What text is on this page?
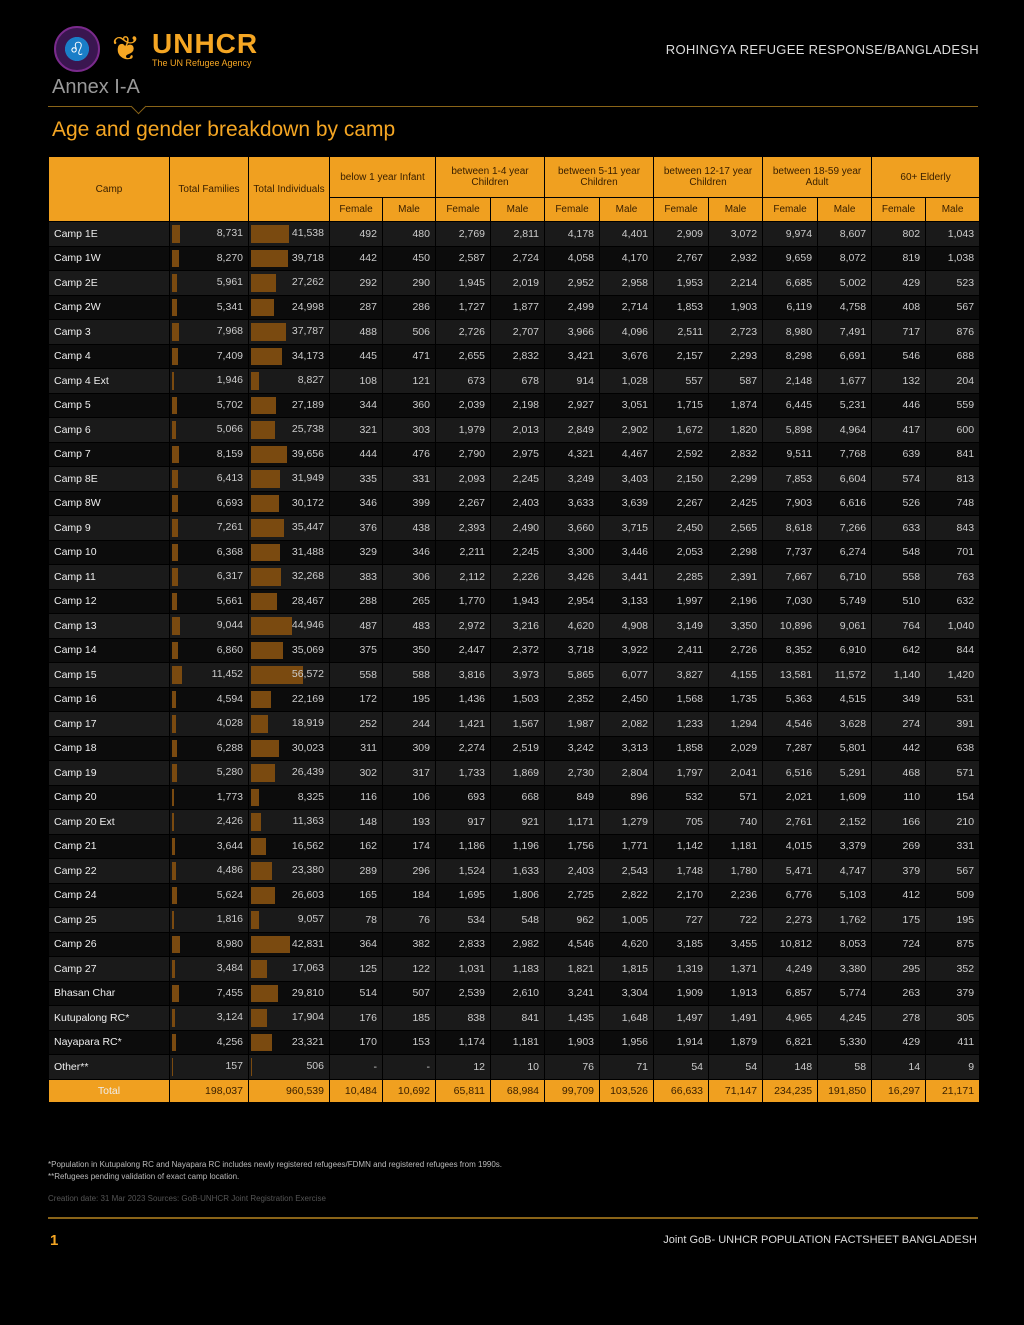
♌ ❦ UNHCR
The UN Refugee Agency
ROHINGYA REFUGEE RESPONSE/BANGLADESH
Annex I-A
Age and gender breakdown by camp
Camp	Total Families	Total Individuals	below 1 year Infant		between 1-4 year Children		between 5-11 year Children		between 12-17 year Children		between 18-59 year Adult		60+ Elderly	
			Female	Male	Female	Male	Female	Male	Female	Male	Female	Male	Female	Male
Camp 1E	8,731	41,538	492	480	2,769	2,811	4,178	4,401	2,909	3,072	9,974	8,607	802	1,043
Camp 1W	8,270	39,718	442	450	2,587	2,724	4,058	4,170	2,767	2,932	9,659	8,072	819	1,038
Camp 2E	5,961	27,262	292	290	1,945	2,019	2,952	2,958	1,953	2,214	6,685	5,002	429	523
Camp 2W	5,341	24,998	287	286	1,727	1,877	2,499	2,714	1,853	1,903	6,119	4,758	408	567
Camp 3	7,968	37,787	488	506	2,726	2,707	3,966	4,096	2,511	2,723	8,980	7,491	717	876
Camp 4	7,409	34,173	445	471	2,655	2,832	3,421	3,676	2,157	2,293	8,298	6,691	546	688
Camp 4 Ext	1,946	8,827	108	121	673	678	914	1,028	557	587	2,148	1,677	132	204
Camp 5	5,702	27,189	344	360	2,039	2,198	2,927	3,051	1,715	1,874	6,445	5,231	446	559
Camp 6	5,066	25,738	321	303	1,979	2,013	2,849	2,902	1,672	1,820	5,898	4,964	417	600
Camp 7	8,159	39,656	444	476	2,790	2,975	4,321	4,467	2,592	2,832	9,511	7,768	639	841
Camp 8E	6,413	31,949	335	331	2,093	2,245	3,249	3,403	2,150	2,299	7,853	6,604	574	813
Camp 8W	6,693	30,172	346	399	2,267	2,403	3,633	3,639	2,267	2,425	7,903	6,616	526	748
Camp 9	7,261	35,447	376	438	2,393	2,490	3,660	3,715	2,450	2,565	8,618	7,266	633	843
Camp 10	6,368	31,488	329	346	2,211	2,245	3,300	3,446	2,053	2,298	7,737	6,274	548	701
Camp 11	6,317	32,268	383	306	2,112	2,226	3,426	3,441	2,285	2,391	7,667	6,710	558	763
Camp 12	5,661	28,467	288	265	1,770	1,943	2,954	3,133	1,997	2,196	7,030	5,749	510	632
Camp 13	9,044	44,946	487	483	2,972	3,216	4,620	4,908	3,149	3,350	10,896	9,061	764	1,040
Camp 14	6,860	35,069	375	350	2,447	2,372	3,718	3,922	2,411	2,726	8,352	6,910	642	844
Camp 15	11,452	56,572	558	588	3,816	3,973	5,865	6,077	3,827	4,155	13,581	11,572	1,140	1,420
Camp 16	4,594	22,169	172	195	1,436	1,503	2,352	2,450	1,568	1,735	5,363	4,515	349	531
Camp 17	4,028	18,919	252	244	1,421	1,567	1,987	2,082	1,233	1,294	4,546	3,628	274	391
Camp 18	6,288	30,023	311	309	2,274	2,519	3,242	3,313	1,858	2,029	7,287	5,801	442	638
Camp 19	5,280	26,439	302	317	1,733	1,869	2,730	2,804	1,797	2,041	6,516	5,291	468	571
Camp 20	1,773	8,325	116	106	693	668	849	896	532	571	2,021	1,609	110	154
Camp 20 Ext	2,426	11,363	148	193	917	921	1,171	1,279	705	740	2,761	2,152	166	210
Camp 21	3,644	16,562	162	174	1,186	1,196	1,756	1,771	1,142	1,181	4,015	3,379	269	331
Camp 22	4,486	23,380	289	296	1,524	1,633	2,403	2,543	1,748	1,780	5,471	4,747	379	567
Camp 24	5,624	26,603	165	184	1,695	1,806	2,725	2,822	2,170	2,236	6,776	5,103	412	509
Camp 25	1,816	9,057	78	76	534	548	962	1,005	727	722	2,273	1,762	175	195
Camp 26	8,980	42,831	364	382	2,833	2,982	4,546	4,620	3,185	3,455	10,812	8,053	724	875
Camp 27	3,484	17,063	125	122	1,031	1,183	1,821	1,815	1,319	1,371	4,249	3,380	295	352
Bhasan Char	7,455	29,810	514	507	2,539	2,610	3,241	3,304	1,909	1,913	6,857	5,774	263	379
Kutupalong RC*	3,124	17,904	176	185	838	841	1,435	1,648	1,497	1,491	4,965	4,245	278	305
Nayapara RC*	4,256	23,321	170	153	1,174	1,181	1,903	1,956	1,914	1,879	6,821	5,330	429	411
Other**	157	506	-	-	12	10	76	71	54	54	148	58	14	9
Total	198,037	960,539	10,484	10,692	65,811	68,984	99,709	103,526	66,633	71,147	234,235	191,850	16,297	21,171
*Population in Kutupalong RC and Nayapara RC includes newly registered refugees/FDMN and registered refugees from 1990s.
**Refugees pending validation of exact camp location.
Creation date: 31 Mar 2023 Sources: GoB-UNHCR Joint Registration Exercise
1	Joint GoB- UNHCR POPULATION FACTSHEET BANGLADESH
